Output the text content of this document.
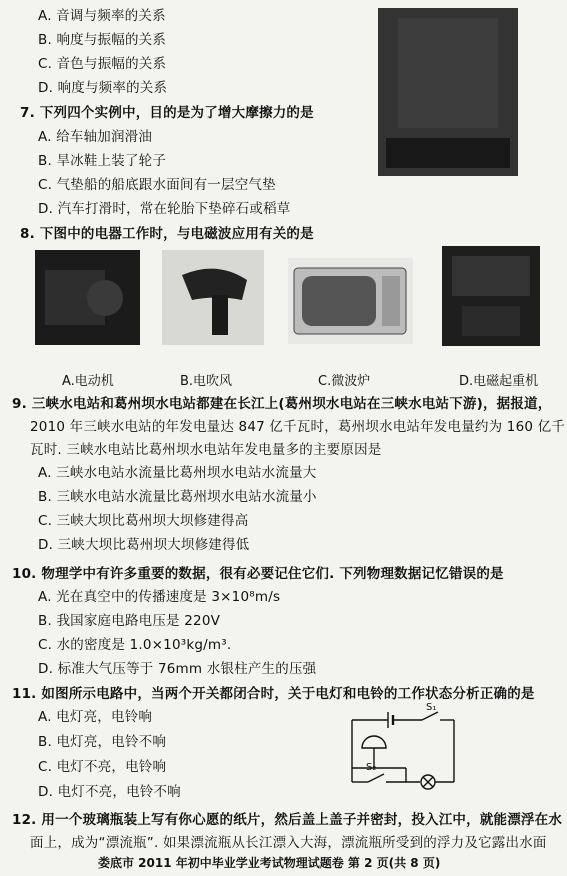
A. 音调与频率的关系
B. 响度与振幅的关系
C. 音色与振幅的关系
D. 响度与频率的关系
7. 下列四个实例中，目的是为了增大摩擦力的是
A. 给车轴加润滑油
B. 旱冰鞋上装了轮子
C. 气垫船的船底跟水面间有一层空气垫
D. 汽车打滑时，常在轮胎下垫碎石或稻草
8. 下图中的电器工作时，与电磁波应用有关的是
A.电动机	B.电吹风	C.微波炉	D.电磁起重机
9. 三峡水电站和葛州坝水电站都建在长江上(葛州坝水电站在三峡水电站下游)，据报道，
2010 年三峡水电站的年发电量达 847 亿千瓦时，葛州坝水电站年发电量约为 160 亿千
瓦时. 三峡水电站比葛州坝水电站年发电量多的主要原因是
A. 三峡水电站水流量比葛州坝水电站水流量大
B. 三峡水电站水流量比葛州坝水电站水流量小
C. 三峡大坝比葛州坝大坝修建得高
D. 三峡大坝比葛州坝大坝修建得低
10. 物理学中有许多重要的数据，很有必要记住它们. 下列物理数据记忆错误的是
A. 光在真空中的传播速度是 3×10⁸m/s
B. 我国家庭电路电压是 220V
C. 水的密度是 1.0×10³kg/m³.
D. 标准大气压等于 76mm 水银柱产生的压强
11. 如图所示电路中，当两个开关都闭合时，关于电灯和电铃的工作状态分析正确的是
A. 电灯亮，电铃响
B. 电灯亮，电铃不响
C. 电灯不亮，电铃响
D. 电灯不亮，电铃不响
S₁
S₂
12. 用一个玻璃瓶装上写有你心愿的纸片，然后盖上盖子并密封，投入江中，就能漂浮在水
面上，成为“漂流瓶”. 如果漂流瓶从长江漂入大海，漂流瓶所受到的浮力及它露出水面
娄底市 2011 年初中毕业学业考试物理试题卷 第 2 页(共 8 页)
